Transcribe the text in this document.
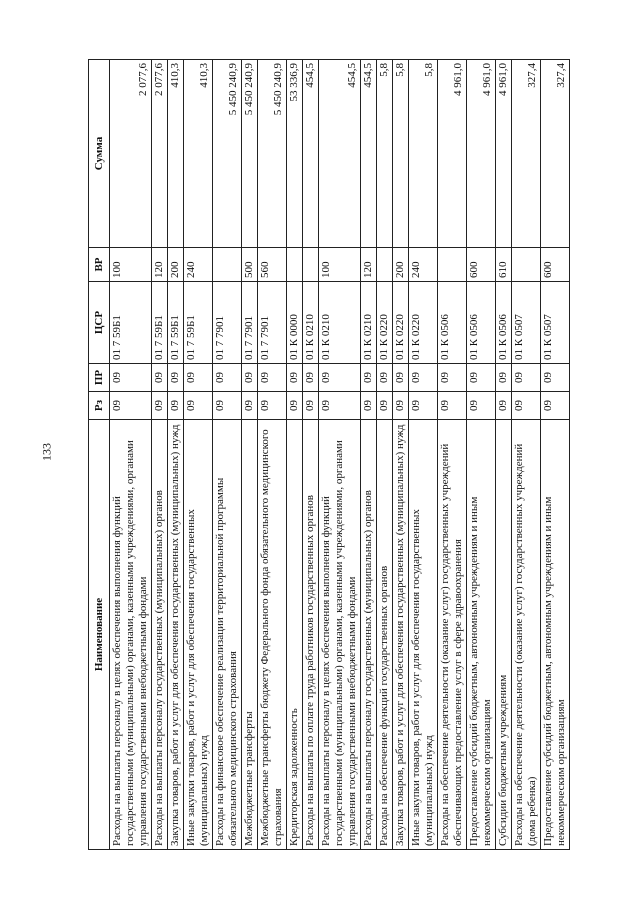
133
Наименование	Рз	ПР	ЦСР	ВР	Сумма
Расходы на выплаты персоналу в целях обеспечения выполнения функций государственными (муниципальными) органами, казенными учреждениями, органами управления государственными внебюджетными фондами	09	09	01 7 59Б1	100	2 077,6
Расходы на выплаты персоналу государственных (муниципальных) органов	09	09	01 7 59Б1	120	2 077,6
Закупка товаров, работ и услуг для обеспечения государственных (муниципальных) нужд	09	09	01 7 59Б1	200	410,3
Иные закупки товаров, работ и услуг для обеспечения государственных (муниципальных) нужд	09	09	01 7 59Б1	240	410,3
Расходы на финансовое обеспечение реализации территориальной программы обязательного медицинского страхования	09	09	01 7 7901		5 450 240,9
Межбюджетные трансферты	09	09	01 7 7901	500	5 450 240,9
Межбюджетные трансферты бюджету Федерального фонда обязательного медицинского страхования	09	09	01 7 7901	560	5 450 240,9
Кредиторская задолженность	09	09	01 К 0000		53 336,9
Расходы на выплаты по оплате труда работников государственных органов	09	09	01 К 0210		454,5
Расходы на выплаты персоналу в целях обеспечения выполнения функций государственными (муниципальными) органами, казенными учреждениями, органами управления государственными внебюджетными фондами	09	09	01 К 0210	100	454,5
Расходы на выплаты персоналу государственных (муниципальных) органов	09	09	01 К 0210	120	454,5
Расходы на обеспечение функций государственных органов	09	09	01 К 0220		5,8
Закупка товаров, работ и услуг для обеспечения государственных (муниципальных) нужд	09	09	01 К 0220	200	5,8
Иные закупки товаров, работ и услуг для обеспечения государственных (муниципальных) нужд	09	09	01 К 0220	240	5,8
Расходы на обеспечение деятельности (оказание услуг) государственных учреждений обеспечивающих предоставление услуг в сфере здравоохранения	09	09	01 К 0506		4 961,0
Предоставление субсидий бюджетным, автономным учреждениям и иным некоммерческим организациям	09	09	01 К 0506	600	4 961,0
Субсидии бюджетным учреждениям	09	09	01 К 0506	610	4 961,0
Расходы на обеспечение деятельности (оказание услуг) государственных учреждений (дома ребенка)	09	09	01 К 0507		327,4
Предоставление субсидий бюджетным, автономным учреждениям и иным некоммерческим организациям	09	09	01 К 0507	600	327,4
